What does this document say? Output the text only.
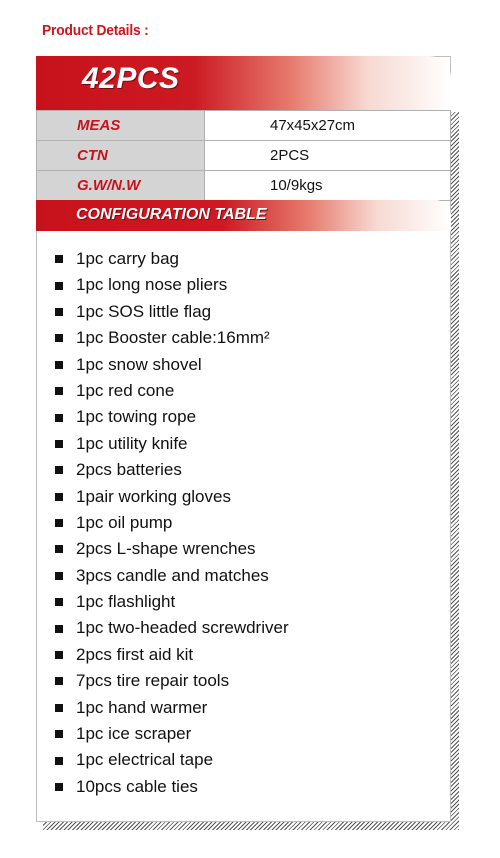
Product Details :
42PCS
MEAS	47x45x27cm
CTN	2PCS
G.W/N.W	10/9kgs
CONFIGURATION TABLE
1pc carry bag
1pc long nose pliers
1pc SOS little flag
1pc Booster cable:16mm²
1pc snow shovel
1pc red cone
1pc towing rope
1pc utility knife
2pcs batteries
1pair working gloves
1pc oil pump
2pcs L-shape wrenches
3pcs candle and matches
1pc flashlight
1pc two-headed screwdriver
2pcs first aid kit
7pcs tire repair tools
1pc hand warmer
1pc ice scraper
1pc electrical tape
10pcs cable ties
